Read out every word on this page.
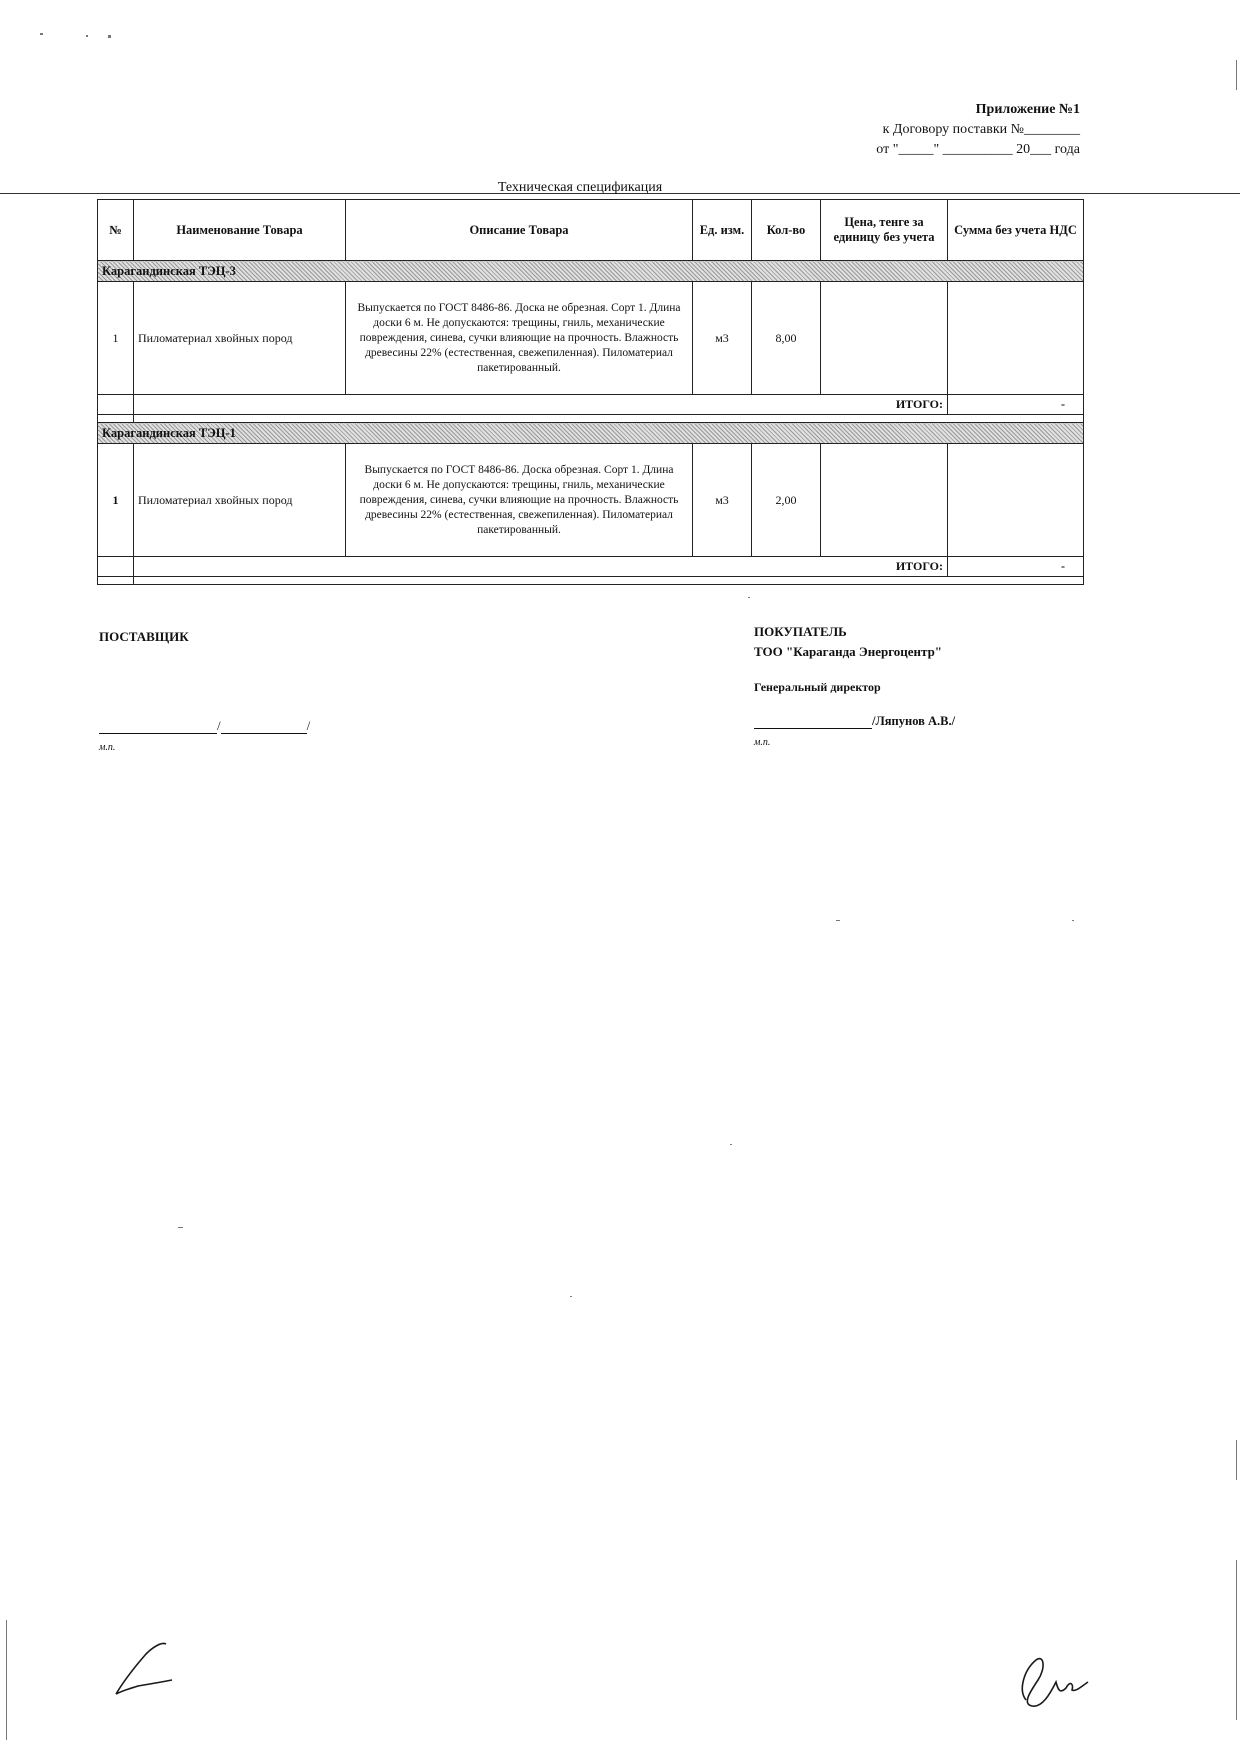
Приложение №1
к Договору поставки №________
от "_____" __________ 20___ года
Техническая спецификация
№	Наименование Товара	Описание Товара	Ед. изм.	Кол-во	Цена, тенге за единицу без учета	Сумма без учета НДС
Карагандинская ТЭЦ-3						
1	Пиломатериал хвойных пород	Выпускается по ГОСТ 8486-86. Доска не обрезная. Сорт 1. Длина доски 6 м. Не допускаются: трещины, гниль, механические повреждения, синева, сучки влияющие на прочность. Влажность древесины 22% (естественная, свежепиленная). Пиломатериал пакетированный.	м3	8,00		
	ИТОГО:					-

Карагандинская ТЭЦ-1						
1	Пиломатериал хвойных пород	Выпускается по ГОСТ 8486-86. Доска обрезная. Сорт 1. Длина доски 6 м. Не допускаются: трещины, гниль, механические повреждения, синева, сучки влияющие на прочность. Влажность древесины 22% (естественная, свежепиленная). Пиломатериал пакетированный.	м3	2,00		
	ИТОГО:					-

ПОСТАВЩИК
/	/
м.п.
ПОКУПАТЕЛЬ
ТОО "Караганда Энергоцентр"
Генеральный директор
/Ляпунов А.В./
м.п.
